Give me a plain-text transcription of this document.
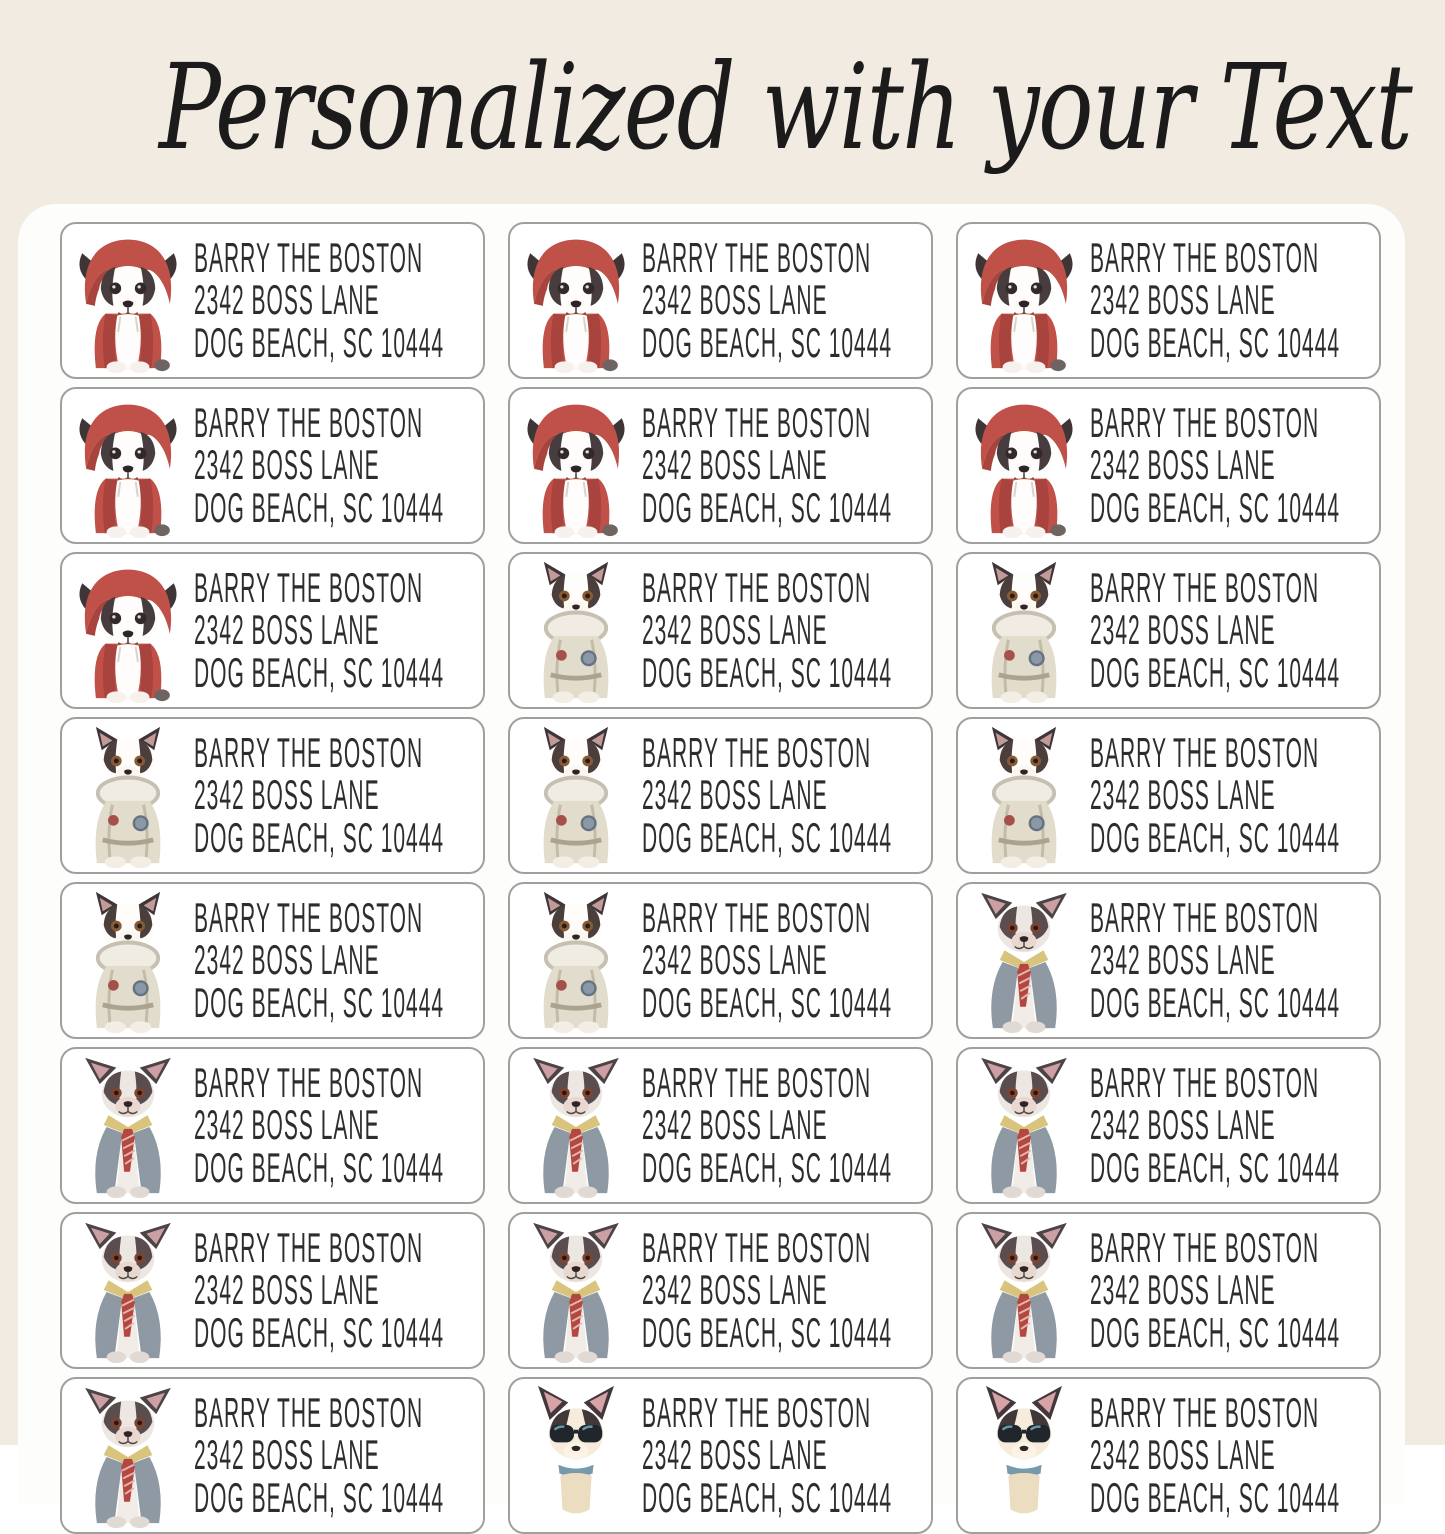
Personalized with your Text
BARRY THE BOSTON
2342 BOSS LANE
DOG BEACH, SC 10444
BARRY THE BOSTON
2342 BOSS LANE
DOG BEACH, SC 10444
BARRY THE BOSTON
2342 BOSS LANE
DOG BEACH, SC 10444
BARRY THE BOSTON
2342 BOSS LANE
DOG BEACH, SC 10444
BARRY THE BOSTON
2342 BOSS LANE
DOG BEACH, SC 10444
BARRY THE BOSTON
2342 BOSS LANE
DOG BEACH, SC 10444
BARRY THE BOSTON
2342 BOSS LANE
DOG BEACH, SC 10444
BARRY THE BOSTON
2342 BOSS LANE
DOG BEACH, SC 10444
BARRY THE BOSTON
2342 BOSS LANE
DOG BEACH, SC 10444
BARRY THE BOSTON
2342 BOSS LANE
DOG BEACH, SC 10444
BARRY THE BOSTON
2342 BOSS LANE
DOG BEACH, SC 10444
BARRY THE BOSTON
2342 BOSS LANE
DOG BEACH, SC 10444
BARRY THE BOSTON
2342 BOSS LANE
DOG BEACH, SC 10444
BARRY THE BOSTON
2342 BOSS LANE
DOG BEACH, SC 10444
BARRY THE BOSTON
2342 BOSS LANE
DOG BEACH, SC 10444
BARRY THE BOSTON
2342 BOSS LANE
DOG BEACH, SC 10444
BARRY THE BOSTON
2342 BOSS LANE
DOG BEACH, SC 10444
BARRY THE BOSTON
2342 BOSS LANE
DOG BEACH, SC 10444
BARRY THE BOSTON
2342 BOSS LANE
DOG BEACH, SC 10444
BARRY THE BOSTON
2342 BOSS LANE
DOG BEACH, SC 10444
BARRY THE BOSTON
2342 BOSS LANE
DOG BEACH, SC 10444
BARRY THE BOSTON
2342 BOSS LANE
DOG BEACH, SC 10444
BARRY THE BOSTON
2342 BOSS LANE
DOG BEACH, SC 10444
BARRY THE BOSTON
2342 BOSS LANE
DOG BEACH, SC 10444
